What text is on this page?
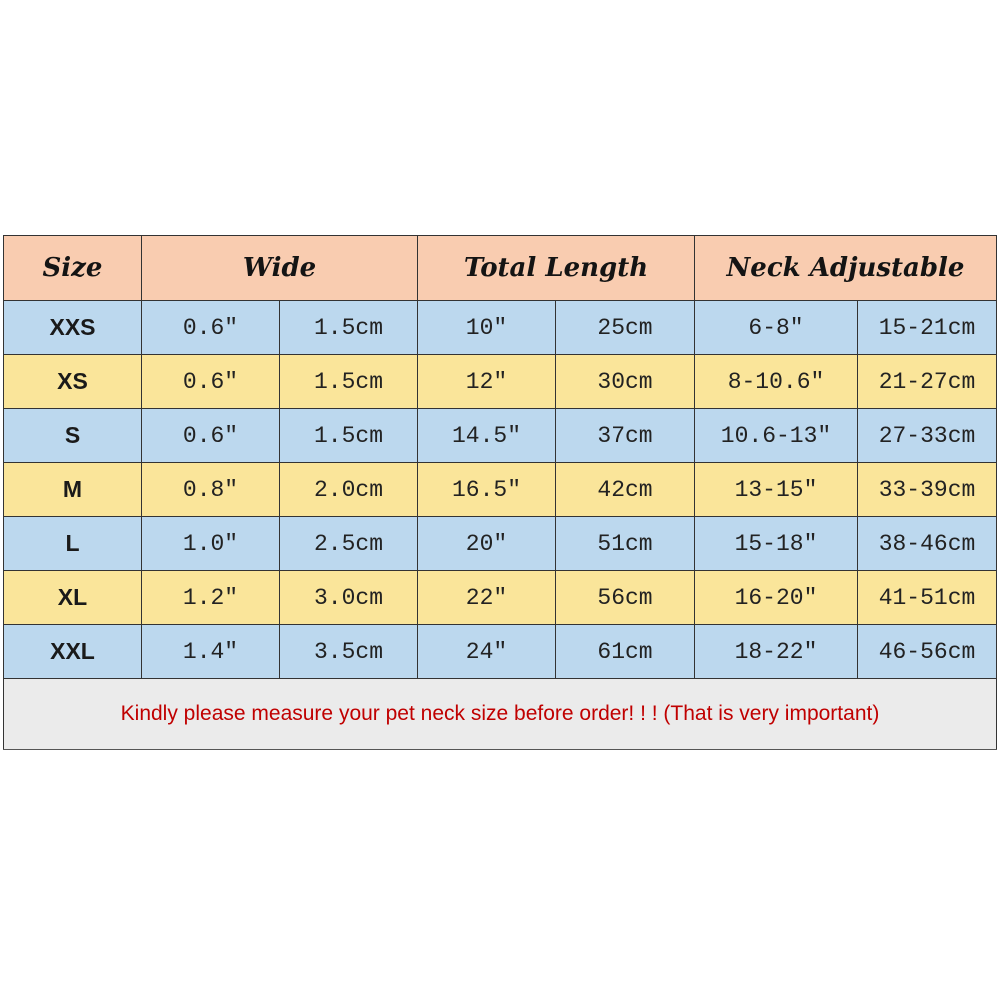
Size	Wide		Total Length		Neck Adjustable	
XXS	0.6″	1.5cm	10″	25cm	6-8″	15-21cm
XS	0.6″	1.5cm	12″	30cm	8-10.6″	21-27cm
S	0.6″	1.5cm	14.5″	37cm	10.6-13″	27-33cm
M	0.8″	2.0cm	16.5″	42cm	13-15″	33-39cm
L	1.0″	2.5cm	20″	51cm	15-18″	38-46cm
XL	1.2″	3.0cm	22″	56cm	16-20″	41-51cm
XXL	1.4″	3.5cm	24″	61cm	18-22″	46-56cm
Kindly please measure your pet neck size before order! ! ! (That is very important)						
